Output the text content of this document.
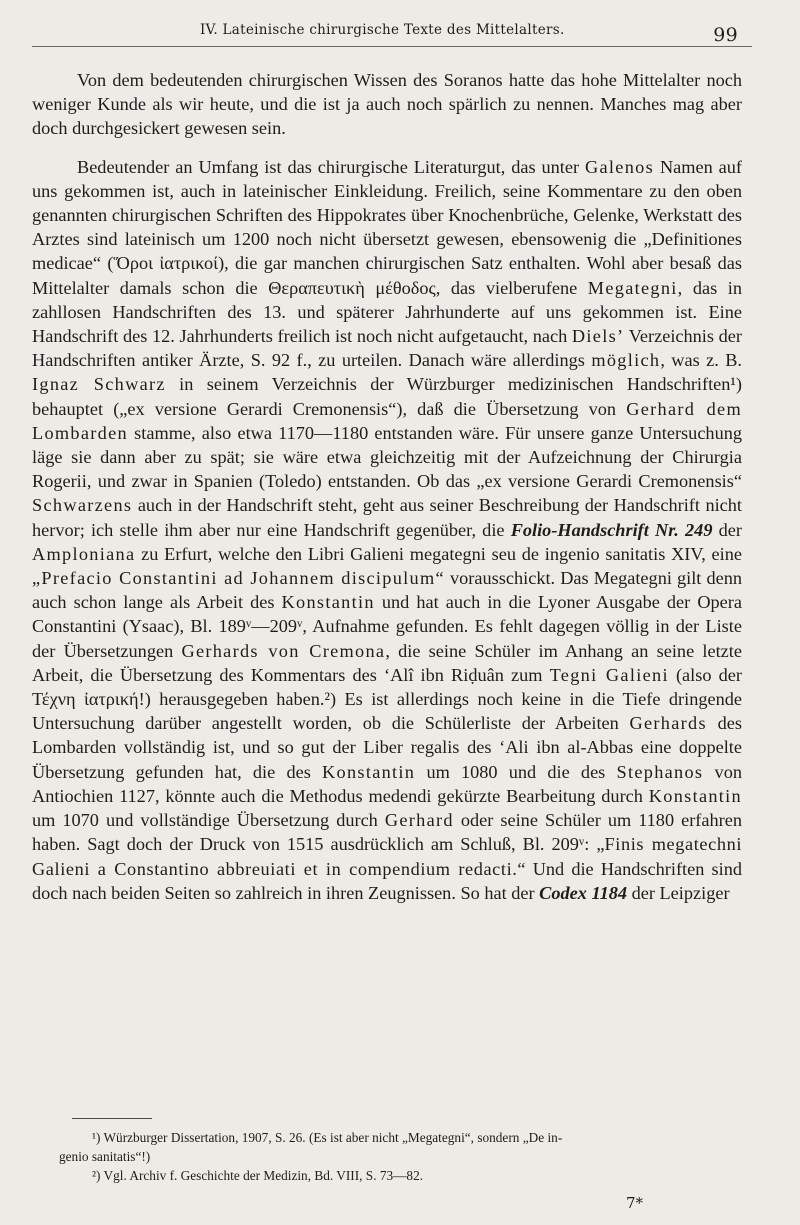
IV. Lateinische chirurgische Texte des Mittelalters.	99

Von dem bedeutenden chirurgischen Wissen des Soranos hatte das hohe Mittelalter noch weniger Kunde als wir heute, und die ist ja auch noch spärlich zu nennen. Manches mag aber doch durchgesickert gewesen sein.

Bedeutender an Umfang ist das chirurgische Literaturgut, das unter Galenos Namen auf uns gekommen ist, auch in lateinischer Einkleidung. Freilich, seine Kommentare zu den oben genannten chirurgischen Schriften des Hippokrates über Knochenbrüche, Gelenke, Werkstatt des Arztes sind lateinisch um 1200 noch nicht übersetzt gewesen, ebensowenig die „Definitiones medicae“ (Ὅροι ἰατρικοί), die gar manchen chirurgischen Satz enthalten. Wohl aber besaß das Mittelalter damals schon die Θεραπευτικὴ μέθοδος, das vielberufene Megategni, das in zahllosen Handschriften des 13. und späterer Jahrhunderte auf uns gekommen ist. Eine Handschrift des 12. Jahrhunderts freilich ist noch nicht aufgetaucht, nach Diels’ Verzeichnis der Handschriften antiker Ärzte, S. 92 f., zu urteilen. Danach wäre allerdings möglich, was z. B. Ignaz Schwarz in seinem Verzeichnis der Würzburger medizinischen Handschriften¹) behauptet („ex versione Gerardi Cremonensis“), daß die Übersetzung von Gerhard dem Lombarden stamme, also etwa 1170—1180 entstanden wäre. Für unsere ganze Untersuchung läge sie dann aber zu spät; sie wäre etwa gleichzeitig mit der Aufzeichnung der Chirurgia Rogerii, und zwar in Spanien (Toledo) entstanden. Ob das „ex versione Gerardi Cremonensis“ Schwarzens auch in der Handschrift steht, geht aus seiner Beschreibung der Handschrift nicht hervor; ich stelle ihm aber nur eine Handschrift gegenüber, die Folio-Handschrift Nr. 249 der Amploniana zu Erfurt, welche den Libri Galieni megategni seu de ingenio sanitatis XIV, eine „Prefacio Constantini ad Johannem discipulum“ vorausschickt. Das Megategni gilt denn auch schon lange als Arbeit des Konstantin und hat auch in die Lyoner Ausgabe der Opera Constantini (Ysaac), Bl. 189ᵛ—209ᵛ, Aufnahme gefunden. Es fehlt dagegen völlig in der Liste der Übersetzungen Gerhards von Cremona, die seine Schüler im Anhang an seine letzte Arbeit, die Übersetzung des Kommentars des ‘Alî ibn Riḍuân zum Tegni Galieni (also der Τέχνη ἰατρική!) herausgegeben haben.²) Es ist allerdings noch keine in die Tiefe dringende Untersuchung darüber angestellt worden, ob die Schülerliste der Arbeiten Gerhards des Lombarden vollständig ist, und so gut der Liber regalis des ‘Ali ibn al-Abbas eine doppelte Übersetzung gefunden hat, die des Konstantin um 1080 und die des Stephanos von Antiochien 1127, könnte auch die Methodus medendi gekürzte Bearbeitung durch Konstantin um 1070 und vollständige Übersetzung durch Gerhard oder seine Schüler um 1180 erfahren haben. Sagt doch der Druck von 1515 ausdrücklich am Schluß, Bl. 209ᵛ: „Finis megatechni Galieni a Constantino abbreuiati et in compendium redacti.“ Und die Handschriften sind doch nach beiden Seiten so zahlreich in ihren Zeugnissen. So hat der Codex 1184 der Leipziger

¹) Würzburger Dissertation, 1907, S. 26. (Es ist aber nicht „Megategni“, sondern „De in-
genio sanitatis“!)
²) Vgl. Archiv f. Geschichte der Medizin, Bd. VIII, S. 73—82.
7*
